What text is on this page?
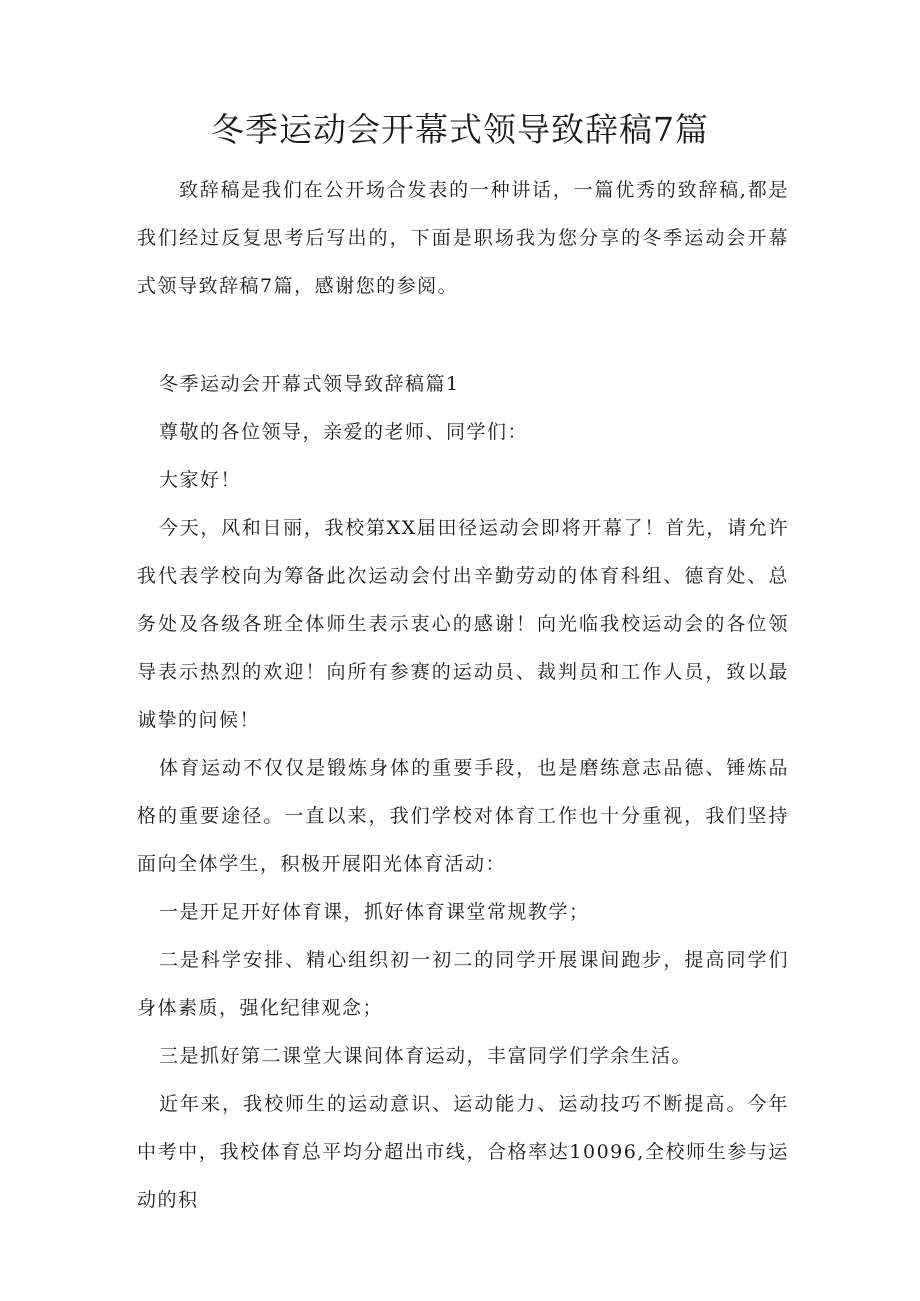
冬季运动会开幕式领导致辞稿7篇

致辞稿是我们在公开场合发表的一种讲话，一篇优秀的致辞稿,都是我们经过反复思考后写出的，下面是职场我为您分享的冬季运动会开幕式领导致辞稿7篇，感谢您的参阅。

冬季运动会开幕式领导致辞稿篇1

尊敬的各位领导，亲爱的老师、同学们：

大家好！

今天，风和日丽，我校第XX届田径运动会即将开幕了！首先，请允许我代表学校向为筹备此次运动会付出辛勤劳动的体育科组、德育处、总务处及各级各班全体师生表示衷心的感谢！向光临我校运动会的各位领导表示热烈的欢迎！向所有参赛的运动员、裁判员和工作人员，致以最诚挚的问候！

体育运动不仅仅是锻炼身体的重要手段，也是磨练意志品德、锤炼品格的重要途径。一直以来，我们学校对体育工作也十分重视，我们坚持面向全体学生，积极开展阳光体育活动：

一是开足开好体育课，抓好体育课堂常规教学；

二是科学安排、精心组织初一初二的同学开展课间跑步，提高同学们身体素质，强化纪律观念；

三是抓好第二课堂大课间体育运动，丰富同学们学余生活。

近年来，我校师生的运动意识、运动能力、运动技巧不断提高。今年中考中，我校体育总平均分超出市线，合格率达10096,全校师生参与运动的积
